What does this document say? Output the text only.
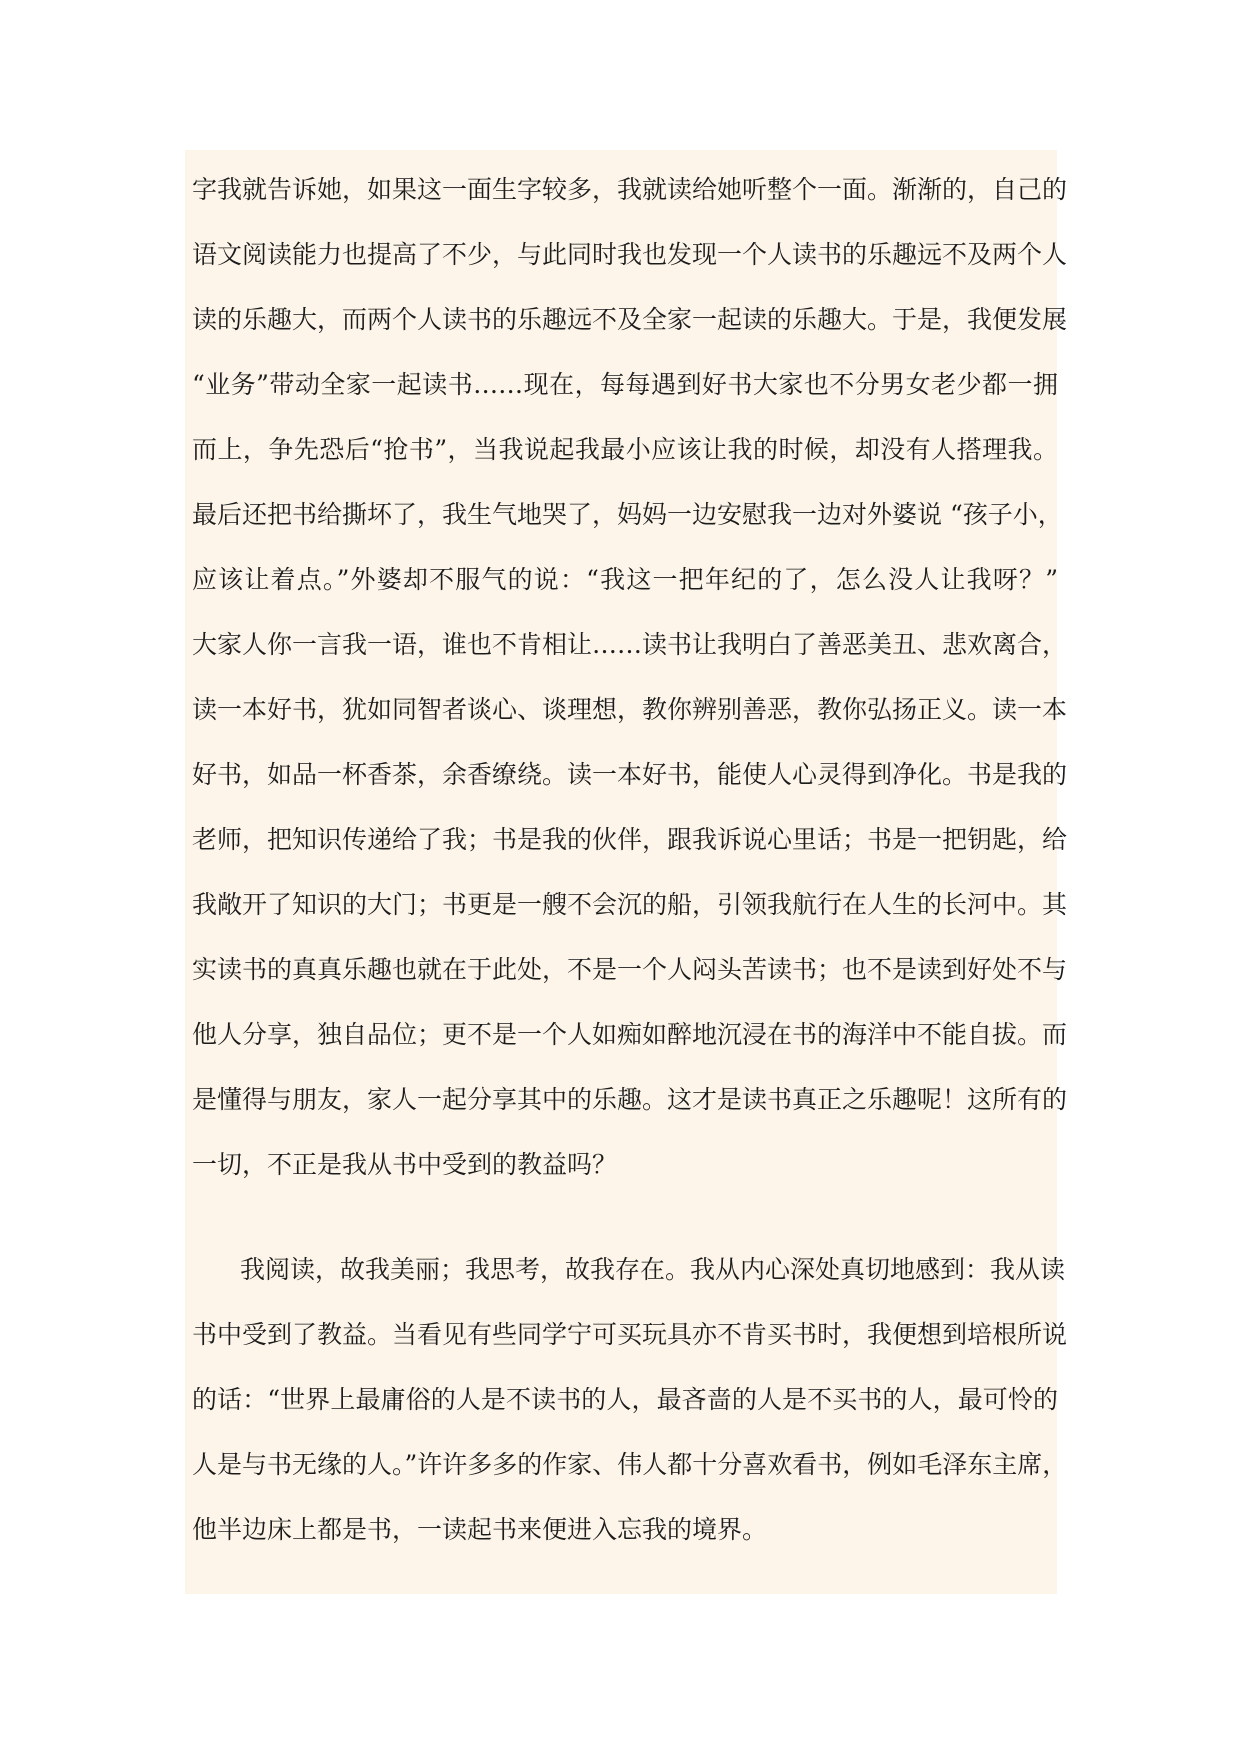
字我就告诉她，如果这一面生字较多，我就读给她听整个一面。渐渐的，自己的
语文阅读能力也提高了不少，与此同时我也发现一个人读书的乐趣远不及两个人
读的乐趣大，而两个人读书的乐趣远不及全家一起读的乐趣大。于是，我便发展
“业务”带动全家一起读书……现在，每每遇到好书大家也不分男女老少都一拥
而上，争先恐后“抢书”，当我说起我最小应该让我的时候，却没有人搭理我。
最后还把书给撕坏了，我生气地哭了，妈妈一边安慰我一边对外婆说 “孩子小，
应该让着点。”外婆却不服气的说：“我这一把年纪的了，怎么没人让我呀？”
大家人你一言我一语，谁也不肯相让……读书让我明白了善恶美丑、悲欢离合，
读一本好书，犹如同智者谈心、谈理想，教你辨别善恶，教你弘扬正义。读一本
好书，如品一杯香茶，余香缭绕。读一本好书，能使人心灵得到净化。书是我的
老师，把知识传递给了我；书是我的伙伴，跟我诉说心里话；书是一把钥匙，给
我敞开了知识的大门；书更是一艘不会沉的船，引领我航行在人生的长河中。其
实读书的真真乐趣也就在于此处，不是一个人闷头苦读书；也不是读到好处不与
他人分享，独自品位；更不是一个人如痴如醉地沉浸在书的海洋中不能自拔。而
是懂得与朋友，家人一起分享其中的乐趣。这才是读书真正之乐趣呢！这所有的
一切，不正是我从书中受到的教益吗？
我阅读，故我美丽；我思考，故我存在。我从内心深处真切地感到：我从读
书中受到了教益。当看见有些同学宁可买玩具亦不肯买书时，我便想到培根所说
的话：“世界上最庸俗的人是不读书的人，最吝啬的人是不买书的人，最可怜的
人是与书无缘的人。”许许多多的作家、伟人都十分喜欢看书，例如毛泽东主席，
他半边床上都是书，一读起书来便进入忘我的境界。
